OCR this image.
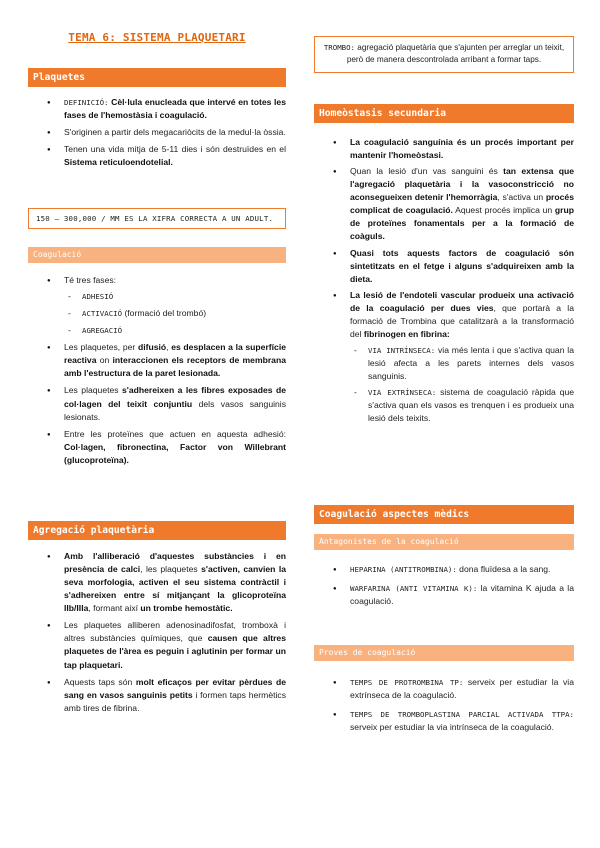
TEMA 6: SISTEMA PLAQUETARI
Plaquetes
● DEFINICIÓ: Cèl·lula enucleada que intervé en totes les fases de l'hemostàsia i coagulació.
● S'originen a partir dels megacariòcits de la medul·la òssia.
● Tenen una vida mitja de 5-11 dies i són destruïdes en el Sistema reticuloendotelial.
150 – 300,000 / MM ES LA XIFRA CORRECTA A UN ADULT.
Coagulació
● Té tres fases:
- ADHESIÓ
- ACTIVACIÓ (formació del trombó)
- AGREGACIÓ
● Les plaquetes, per difusió, es desplacen a la superfície reactiva on interaccionen els receptors de membrana amb l'estructura de la paret lesionada.
● Les plaquetes s'adhereixen a les fibres exposades de col·lagen del teixit conjuntiu dels vasos sanguinis lesionats.
● Entre les proteïnes que actuen en aquesta adhesió: Col·lagen, fibronectina, Factor von Willebrant (glucoproteïna).
Agregació plaquetària
● Amb l'alliberació d'aquestes substàncies i en presència de calci, les plaquetes s'activen, canvien la seva morfologia, activen el seu sistema contràctil i s'adhereixen entre sí mitjançant la glicoproteïna IIb/IIIa, formant així un trombe hemostàtic.
● Les plaquetes alliberen adenosinadifosfat, tromboxà i altres substàncies químiques, que causen que altres plaquetes de l'àrea es peguin i aglutinin per formar un tap plaquetari.
● Aquests taps són molt eficaços per evitar pèrdues de sang en vasos sanguinis petits i formen taps hermètics amb tires de fibrina.
TROMBO: agregació plaquetària que s'ajunten per arreglar un teixit, però de manera descontrolada arribant a formar taps.
Homeòstasis secundaria
● La coagulació sanguínia és un procés important per mantenir l'homeòstasi.
● Quan la lesió d'un vas sanguini és tan extensa que l'agregació plaquetària i la vasoconstricció no aconsegueixen detenir l'hemorràgia, s'activa un procés complicat de coagulació. Aquest procés implica un grup de proteïnes fonamentals per a la formació de coàguls.
● Quasi tots aquests factors de coagulació són sintetitzats en el fetge i alguns s'adquireixen amb la dieta.
● La lesió de l'endoteli vascular produeix una activació de la coagulació per dues vies, que portarà a la formació de Trombina que catalitzarà a la transformació del fibrinogen en fibrina:
- VIA INTRÍNSECA: via més lenta i que s'activa quan la lesió afecta a les parets internes dels vasos sanguinis.
- VIA EXTRÍNSECA: sistema de coagulació ràpida que s'activa quan els vasos es trenquen i es produeix una lesió dels teixits.
Coagulació aspectes mèdics
Antagonistes de la coagulació
● HEPARINA (ANTITROMBINA): dona fluïdesa a la sang.
● WARFARINA (ANTI VITAMINA K): la vitamina K ajuda a la coagulació.
Proves de coagulació
● TEMPS DE PROTROMBINA TP: serveix per estudiar la via extrínseca de la coagulació.
● TEMPS DE TROMBOPLASTINA PARCIAL ACTIVADA TTPA: serveix per estudiar la via intrínseca de la coagulació.
